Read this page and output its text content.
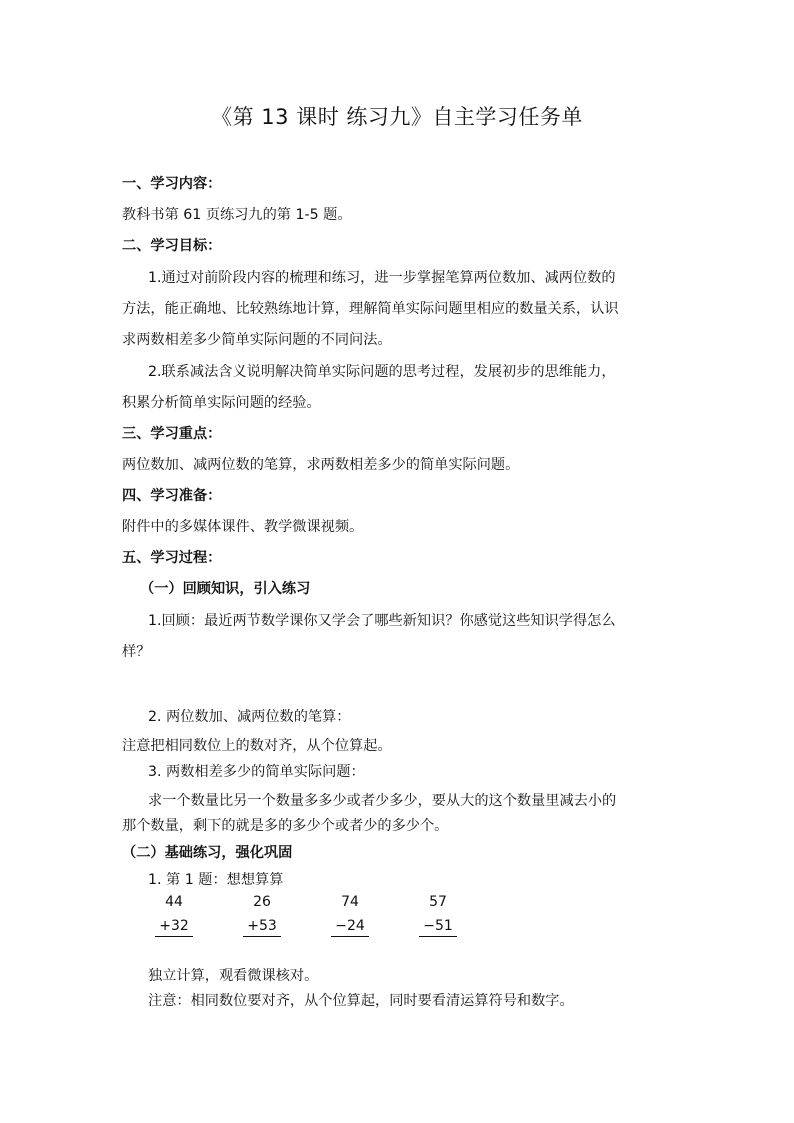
《第 13 课时 练习九》自主学习任务单
一、学习内容：
教科书第 61 页练习九的第 1-5 题。
二、学习目标：
1.通过对前阶段内容的梳理和练习，进一步掌握笔算两位数加、减两位数的
方法，能正确地、比较熟练地计算，理解简单实际问题里相应的数量关系，认识
求两数相差多少简单实际问题的不同问法。
2.联系减法含义说明解决简单实际问题的思考过程，发展初步的思维能力，
积累分析简单实际问题的经验。
三、学习重点：
两位数加、减两位数的笔算，求两数相差多少的简单实际问题。
四、学习准备：
附件中的多媒体课件、教学微课视频。
五、学习过程：
（一）回顾知识，引入练习
1.回顾：最近两节数学课你又学会了哪些新知识？你感觉这些知识学得怎么
样？
2. 两位数加、减两位数的笔算：
注意把相同数位上的数对齐，从个位算起。
3. 两数相差多少的简单实际问题：
求一个数量比另一个数量多多少或者少多少，要从大的这个数量里减去小的
那个数量，剩下的就是多的多少个或者少的多少个。
（二）基础练习，强化巩固
1. 第 1 题：想想算算
44
+32
26
+53
74
−24
57
−51
独立计算，观看微课核对。
注意：相同数位要对齐，从个位算起，同时要看清运算符号和数字。
